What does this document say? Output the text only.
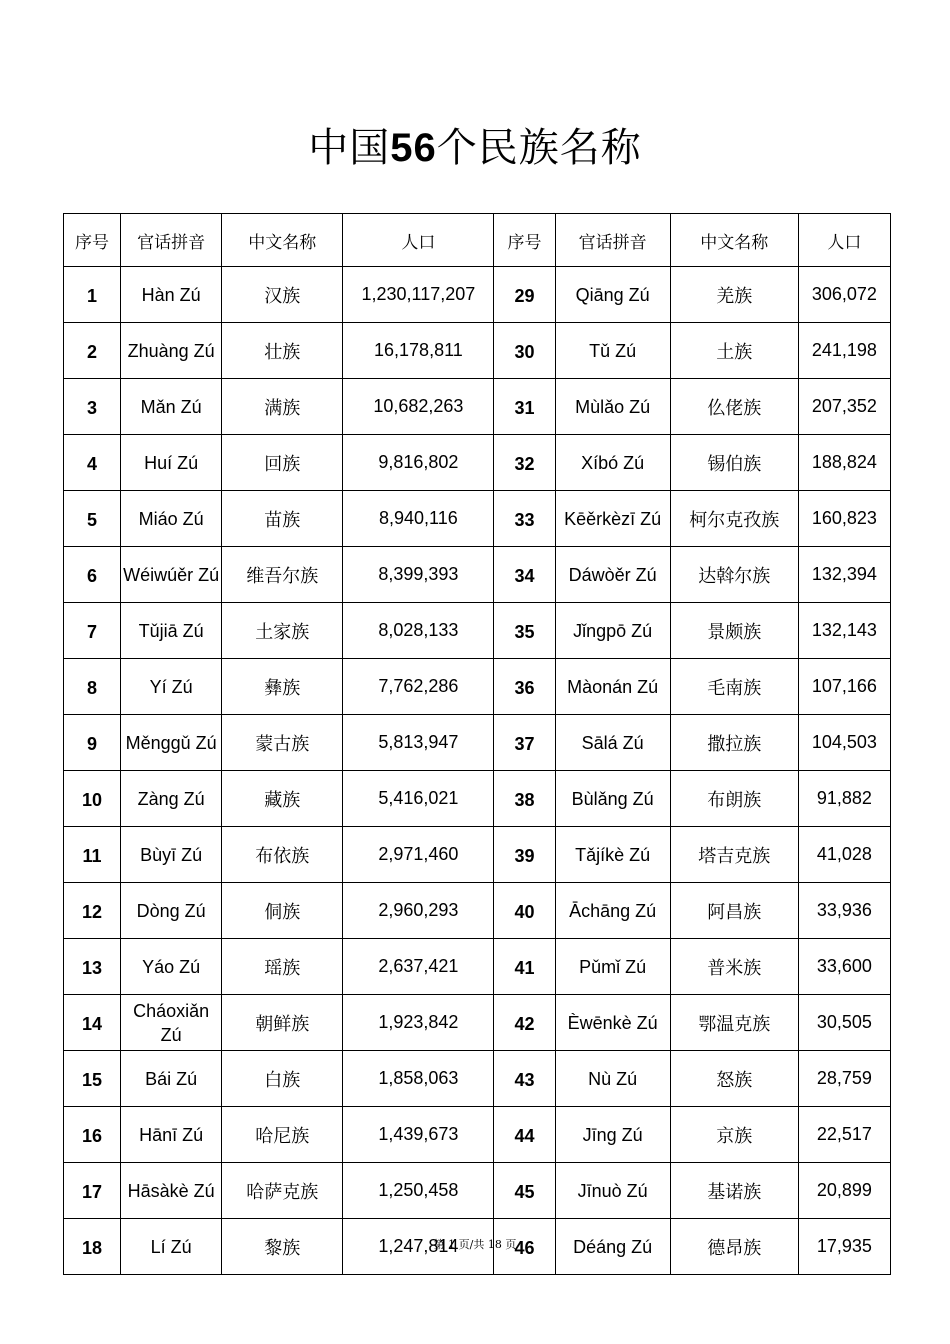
中国56个民族名称
序号	官话拼音	中文名称	人口	序号	官话拼音	中文名称	人口
1	Hàn Zú	汉族	1,230,117,207	29	Qiāng Zú	羌族	306,072
2	Zhuàng Zú	壮族	16,178,811	30	Tǔ Zú	土族	241,198
3	Mǎn Zú	满族	10,682,263	31	Mùlǎo Zú	仫佬族	207,352
4	Huí Zú	回族	9,816,802	32	Xíbó Zú	锡伯族	188,824
5	Miáo Zú	苗族	8,940,116	33	Kēěrkèzī Zú	柯尔克孜族	160,823
6	Wéiwúěr Zú	维吾尔族	8,399,393	34	Dáwòěr Zú	达斡尔族	132,394
7	Tǔjiā Zú	土家族	8,028,133	35	Jǐngpō Zú	景颇族	132,143
8	Yí Zú	彝族	7,762,286	36	Màonán Zú	毛南族	107,166
9	Měnggǔ Zú	蒙古族	5,813,947	37	Sālá Zú	撒拉族	104,503
10	Zàng Zú	藏族	5,416,021	38	Bùlǎng Zú	布朗族	91,882
11	Bùyī Zú	布依族	2,971,460	39	Tǎjíkè Zú	塔吉克族	41,028
12	Dòng Zú	侗族	2,960,293	40	Āchāng Zú	阿昌族	33,936
13	Yáo Zú	瑶族	2,637,421	41	Pǔmǐ Zú	普米族	33,600
14	Cháoxiǎn Zú	朝鲜族	1,923,842	42	Èwēnkè Zú	鄂温克族	30,505
15	Bái Zú	白族	1,858,063	43	Nù Zú	怒族	28,759
16	Hānī Zú	哈尼族	1,439,673	44	Jīng Zú	京族	22,517
17	Hāsàkè Zú	哈萨克族	1,250,458	45	Jīnuò Zú	基诺族	20,899
18	Lí Zú	黎族	1,247,814	46	Déáng Zú	德昂族	17,935
第 1 页/共 18 页
